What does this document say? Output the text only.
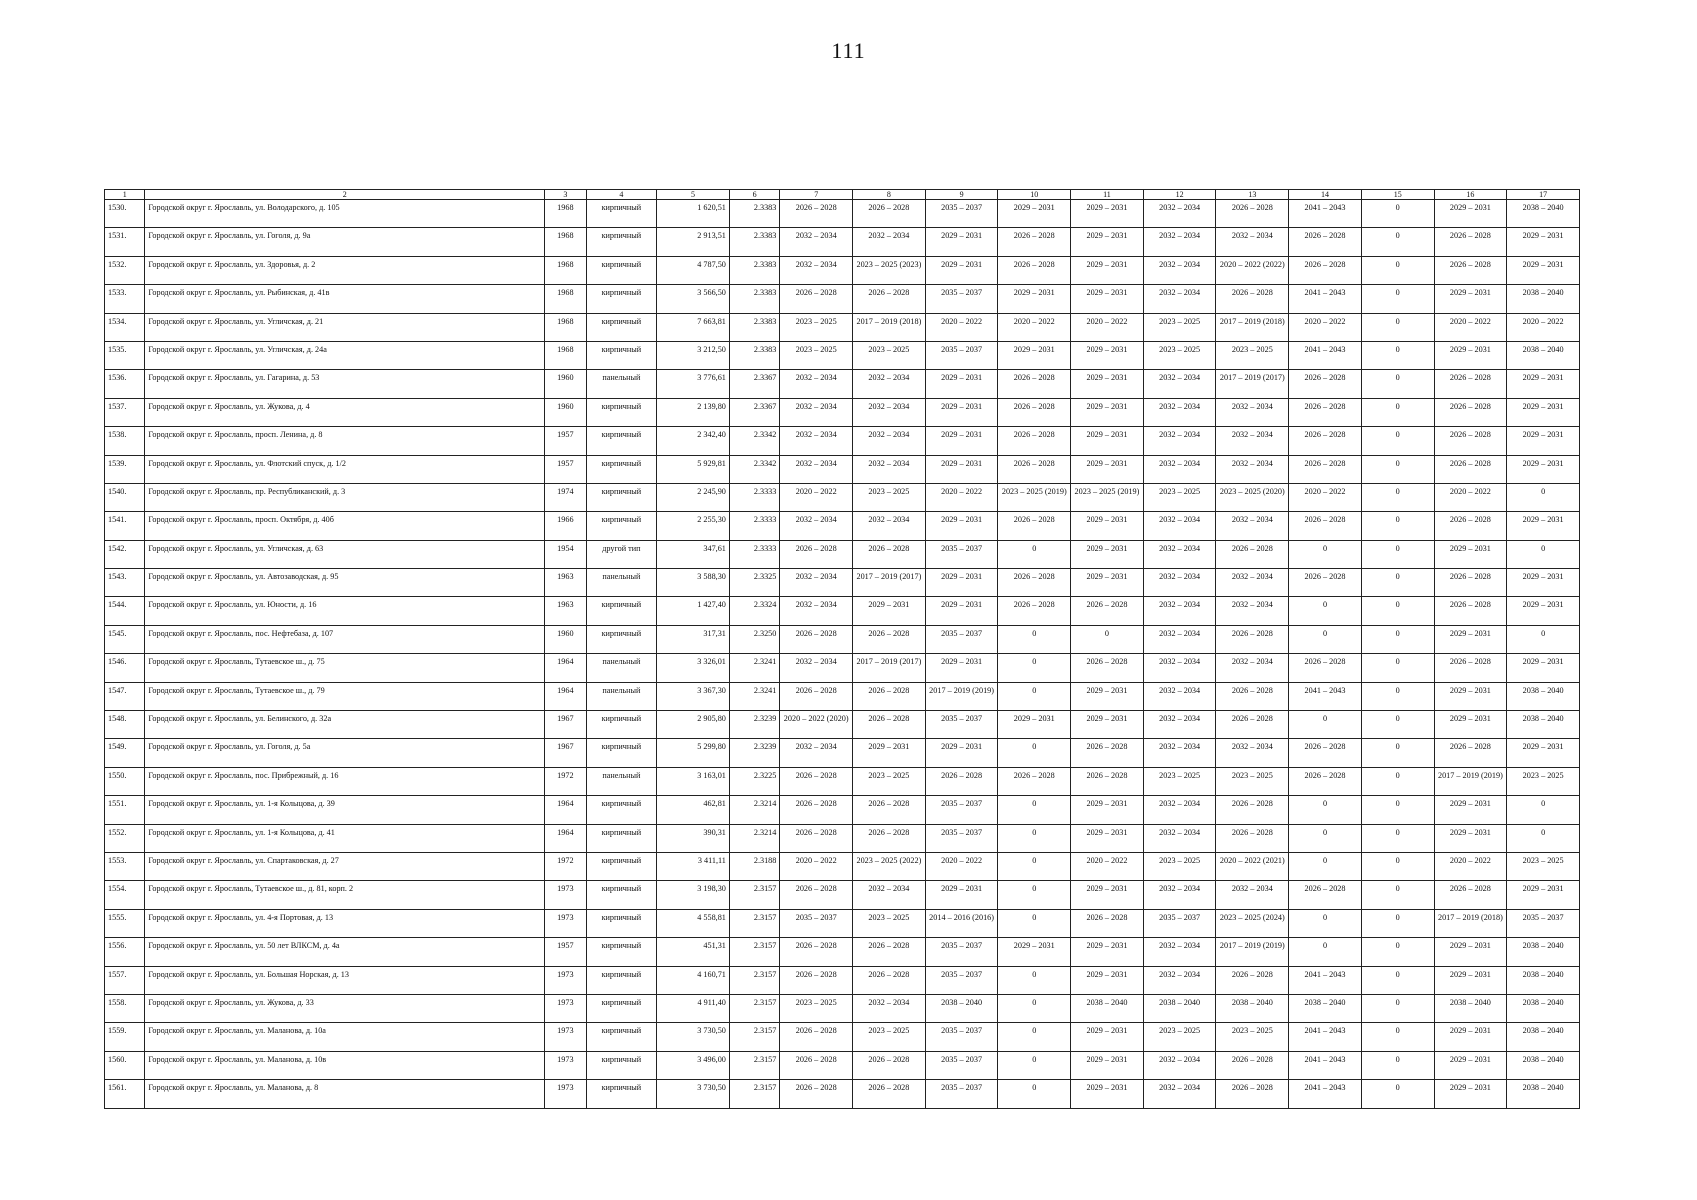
111
1	2	3	4	5	6	7	8	9	10	11	12	13	14	15	16	17
1530.	Городской округ г. Ярославль, ул. Володарского, д. 105	1968	кирпичный	1 620,51	2.3383	2026 – 2028	2026 – 2028	2035 – 2037	2029 – 2031	2029 – 2031	2032 – 2034	2026 – 2028	2041 – 2043	0	2029 – 2031	2038 – 2040
1531.	Городской округ г. Ярославль, ул. Гоголя, д. 9а	1968	кирпичный	2 913,51	2.3383	2032 – 2034	2032 – 2034	2029 – 2031	2026 – 2028	2029 – 2031	2032 – 2034	2032 – 2034	2026 – 2028	0	2026 – 2028	2029 – 2031
1532.	Городской округ г. Ярославль, ул. Здоровья, д. 2	1968	кирпичный	4 787,50	2.3383	2032 – 2034	2023 – 2025 (2023)	2029 – 2031	2026 – 2028	2029 – 2031	2032 – 2034	2020 – 2022 (2022)	2026 – 2028	0	2026 – 2028	2029 – 2031
1533.	Городской округ г. Ярославль, ул. Рыбинская, д. 41в	1968	кирпичный	3 566,50	2.3383	2026 – 2028	2026 – 2028	2035 – 2037	2029 – 2031	2029 – 2031	2032 – 2034	2026 – 2028	2041 – 2043	0	2029 – 2031	2038 – 2040
1534.	Городской округ г. Ярославль, ул. Угличская, д. 21	1968	кирпичный	7 663,81	2.3383	2023 – 2025	2017 – 2019 (2018)	2020 – 2022	2020 – 2022	2020 – 2022	2023 – 2025	2017 – 2019 (2018)	2020 – 2022	0	2020 – 2022	2020 – 2022
1535.	Городской округ г. Ярославль, ул. Угличская, д. 24а	1968	кирпичный	3 212,50	2.3383	2023 – 2025	2023 – 2025	2035 – 2037	2029 – 2031	2029 – 2031	2023 – 2025	2023 – 2025	2041 – 2043	0	2029 – 2031	2038 – 2040
1536.	Городской округ г. Ярославль, ул. Гагарина, д. 53	1960	панельный	3 776,61	2.3367	2032 – 2034	2032 – 2034	2029 – 2031	2026 – 2028	2029 – 2031	2032 – 2034	2017 – 2019 (2017)	2026 – 2028	0	2026 – 2028	2029 – 2031
1537.	Городской округ г. Ярославль, ул. Жукова, д. 4	1960	кирпичный	2 139,80	2.3367	2032 – 2034	2032 – 2034	2029 – 2031	2026 – 2028	2029 – 2031	2032 – 2034	2032 – 2034	2026 – 2028	0	2026 – 2028	2029 – 2031
1538.	Городской округ г. Ярославль, просп. Ленина, д. 8	1957	кирпичный	2 342,40	2.3342	2032 – 2034	2032 – 2034	2029 – 2031	2026 – 2028	2029 – 2031	2032 – 2034	2032 – 2034	2026 – 2028	0	2026 – 2028	2029 – 2031
1539.	Городской округ г. Ярославль, ул. Флотский спуск, д. 1/2	1957	кирпичный	5 929,81	2.3342	2032 – 2034	2032 – 2034	2029 – 2031	2026 – 2028	2029 – 2031	2032 – 2034	2032 – 2034	2026 – 2028	0	2026 – 2028	2029 – 2031
1540.	Городской округ г. Ярославль, пр. Республиканский, д. 3	1974	кирпичный	2 245,90	2.3333	2020 – 2022	2023 – 2025	2020 – 2022	2023 – 2025 (2019)	2023 – 2025 (2019)	2023 – 2025	2023 – 2025 (2020)	2020 – 2022	0	2020 – 2022	0
1541.	Городской округ г. Ярославль, просп. Октября, д. 40б	1966	кирпичный	2 255,30	2.3333	2032 – 2034	2032 – 2034	2029 – 2031	2026 – 2028	2029 – 2031	2032 – 2034	2032 – 2034	2026 – 2028	0	2026 – 2028	2029 – 2031
1542.	Городской округ г. Ярославль, ул. Угличская, д. 63	1954	другой тип	347,61	2.3333	2026 – 2028	2026 – 2028	2035 – 2037	0	2029 – 2031	2032 – 2034	2026 – 2028	0	0	2029 – 2031	0
1543.	Городской округ г. Ярославль, ул. Автозаводская, д. 95	1963	панельный	3 588,30	2.3325	2032 – 2034	2017 – 2019 (2017)	2029 – 2031	2026 – 2028	2029 – 2031	2032 – 2034	2032 – 2034	2026 – 2028	0	2026 – 2028	2029 – 2031
1544.	Городской округ г. Ярославль, ул. Юности, д. 16	1963	кирпичный	1 427,40	2.3324	2032 – 2034	2029 – 2031	2029 – 2031	2026 – 2028	2026 – 2028	2032 – 2034	2032 – 2034	0	0	2026 – 2028	2029 – 2031
1545.	Городской округ г. Ярославль, пос. Нефтебаза, д. 107	1960	кирпичный	317,31	2.3250	2026 – 2028	2026 – 2028	2035 – 2037	0	0	2032 – 2034	2026 – 2028	0	0	2029 – 2031	0
1546.	Городской округ г. Ярославль, Тутаевское ш., д. 75	1964	панельный	3 326,01	2.3241	2032 – 2034	2017 – 2019 (2017)	2029 – 2031	0	2026 – 2028	2032 – 2034	2032 – 2034	2026 – 2028	0	2026 – 2028	2029 – 2031
1547.	Городской округ г. Ярославль, Тутаевское ш., д. 79	1964	панельный	3 367,30	2.3241	2026 – 2028	2026 – 2028	2017 – 2019 (2019)	0	2029 – 2031	2032 – 2034	2026 – 2028	2041 – 2043	0	2029 – 2031	2038 – 2040
1548.	Городской округ г. Ярославль, ул. Белинского, д. 32а	1967	кирпичный	2 905,80	2.3239	2020 – 2022 (2020)	2026 – 2028	2035 – 2037	2029 – 2031	2029 – 2031	2032 – 2034	2026 – 2028	0	0	2029 – 2031	2038 – 2040
1549.	Городской округ г. Ярославль, ул. Гоголя, д. 5а	1967	кирпичный	5 299,80	2.3239	2032 – 2034	2029 – 2031	2029 – 2031	0	2026 – 2028	2032 – 2034	2032 – 2034	2026 – 2028	0	2026 – 2028	2029 – 2031
1550.	Городской округ г. Ярославль, пос. Прибрежный, д. 16	1972	панельный	3 163,01	2.3225	2026 – 2028	2023 – 2025	2026 – 2028	2026 – 2028	2026 – 2028	2023 – 2025	2023 – 2025	2026 – 2028	0	2017 – 2019 (2019)	2023 – 2025
1551.	Городской округ г. Ярославль, ул. 1-я Колыцова, д. 39	1964	кирпичный	462,81	2.3214	2026 – 2028	2026 – 2028	2035 – 2037	0	2029 – 2031	2032 – 2034	2026 – 2028	0	0	2029 – 2031	0
1552.	Городской округ г. Ярославль, ул. 1-я Колыцова, д. 41	1964	кирпичный	390,31	2.3214	2026 – 2028	2026 – 2028	2035 – 2037	0	2029 – 2031	2032 – 2034	2026 – 2028	0	0	2029 – 2031	0
1553.	Городской округ г. Ярославль, ул. Спартаковская, д. 27	1972	кирпичный	3 411,11	2.3188	2020 – 2022	2023 – 2025 (2022)	2020 – 2022	0	2020 – 2022	2023 – 2025	2020 – 2022 (2021)	0	0	2020 – 2022	2023 – 2025
1554.	Городской округ г. Ярославль, Тутаевское ш., д. 81, корп. 2	1973	кирпичный	3 198,30	2.3157	2026 – 2028	2032 – 2034	2029 – 2031	0	2029 – 2031	2032 – 2034	2032 – 2034	2026 – 2028	0	2026 – 2028	2029 – 2031
1555.	Городской округ г. Ярославль, ул. 4-я Портовая, д. 13	1973	кирпичный	4 558,81	2.3157	2035 – 2037	2023 – 2025	2014 – 2016 (2016)	0	2026 – 2028	2035 – 2037	2023 – 2025 (2024)	0	0	2017 – 2019 (2018)	2035 – 2037
1556.	Городской округ г. Ярославль, ул. 50 лет ВЛКСМ, д. 4а	1957	кирпичный	451,31	2.3157	2026 – 2028	2026 – 2028	2035 – 2037	2029 – 2031	2029 – 2031	2032 – 2034	2017 – 2019 (2019)	0	0	2029 – 2031	2038 – 2040
1557.	Городской округ г. Ярославль, ул. Большая Норская, д. 13	1973	кирпичный	4 160,71	2.3157	2026 – 2028	2026 – 2028	2035 – 2037	0	2029 – 2031	2032 – 2034	2026 – 2028	2041 – 2043	0	2029 – 2031	2038 – 2040
1558.	Городской округ г. Ярославль, ул. Жукова, д. 33	1973	кирпичный	4 911,40	2.3157	2023 – 2025	2032 – 2034	2038 – 2040	0	2038 – 2040	2038 – 2040	2038 – 2040	2038 – 2040	0	2038 – 2040	2038 – 2040
1559.	Городской округ г. Ярославль, ул. Маланова, д. 10а	1973	кирпичный	3 730,50	2.3157	2026 – 2028	2023 – 2025	2035 – 2037	0	2029 – 2031	2023 – 2025	2023 – 2025	2041 – 2043	0	2029 – 2031	2038 – 2040
1560.	Городской округ г. Ярославль, ул. Маланова, д. 10в	1973	кирпичный	3 496,00	2.3157	2026 – 2028	2026 – 2028	2035 – 2037	0	2029 – 2031	2032 – 2034	2026 – 2028	2041 – 2043	0	2029 – 2031	2038 – 2040
1561.	Городской округ г. Ярославль, ул. Маланова, д. 8	1973	кирпичный	3 730,50	2.3157	2026 – 2028	2026 – 2028	2035 – 2037	0	2029 – 2031	2032 – 2034	2026 – 2028	2041 – 2043	0	2029 – 2031	2038 – 2040
